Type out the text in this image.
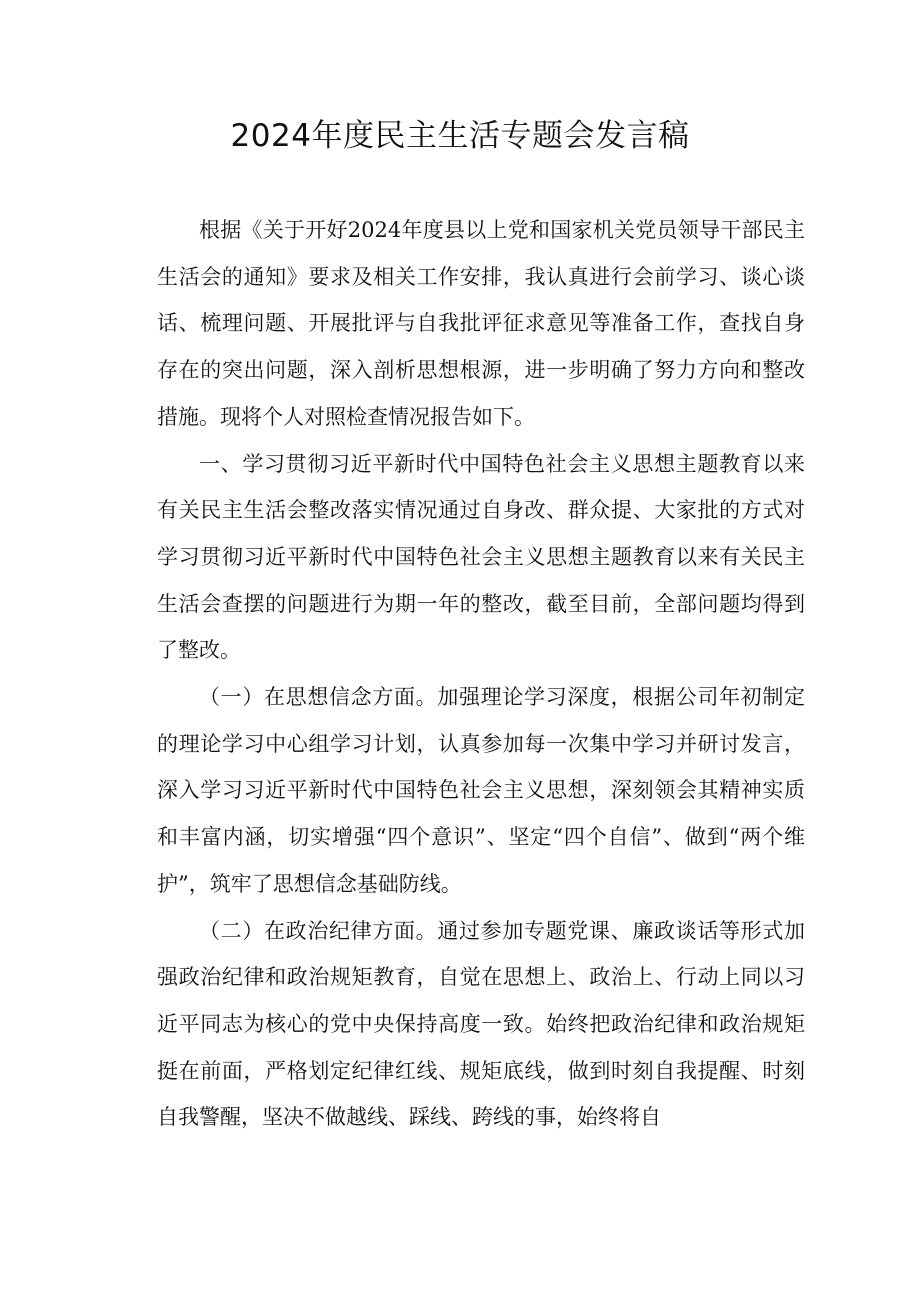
2024年度民主生活专题会发言稿

根据《关于开好2024年度县以上党和国家机关党员领导干部民主生活会的通知》要求及相关工作安排，我认真进行会前学习、谈心谈话、梳理问题、开展批评与自我批评征求意见等准备工作，查找自身存在的突出问题，深入剖析思想根源，进一步明确了努力方向和整改措施。现将个人对照检查情况报告如下。

一、学习贯彻习近平新时代中国特色社会主义思想主题教育以来有关民主生活会整改落实情况通过自身改、群众提、大家批的方式对学习贯彻习近平新时代中国特色社会主义思想主题教育以来有关民主生活会查摆的问题进行为期一年的整改，截至目前，全部问题均得到了整改。

（一）在思想信念方面。加强理论学习深度，根据公司年初制定的理论学习中心组学习计划，认真参加每一次集中学习并研讨发言，深入学习习近平新时代中国特色社会主义思想，深刻领会其精神实质和丰富内涵，切实增强“四个意识”、坚定“四个自信”、做到“两个维护”，筑牢了思想信念基础防线。

（二）在政治纪律方面。通过参加专题党课、廉政谈话等形式加强政治纪律和政治规矩教育，自觉在思想上、政治上、行动上同以习近平同志为核心的党中央保持高度一致。始终把政治纪律和政治规矩挺在前面，严格划定纪律红线、规矩底线，做到时刻自我提醒、时刻自我警醒，坚决不做越线、踩线、跨线的事，始终将自
